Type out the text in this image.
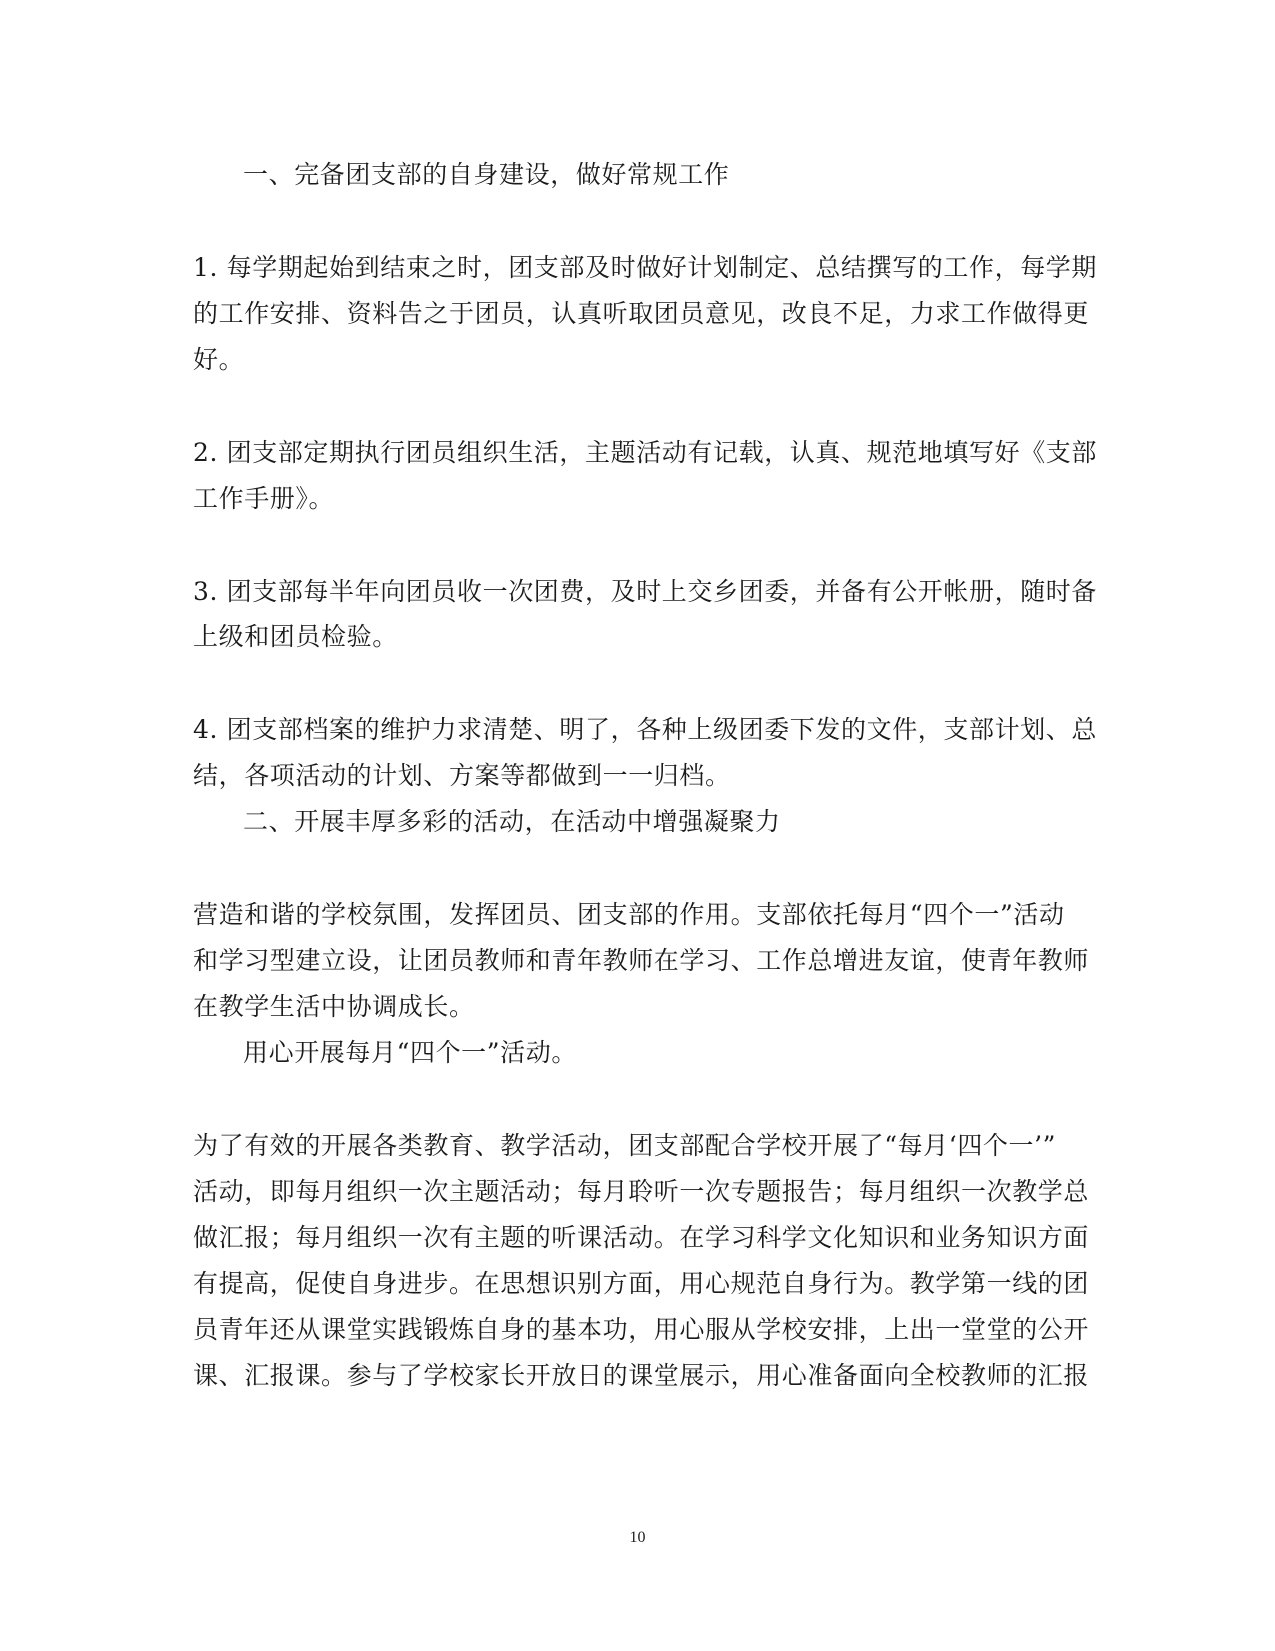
一、完备团支部的自身建设，做好常规工作
1. 每学期起始到结束之时，团支部及时做好计划制定、总结撰写的工作，每学期
的工作安排、资料告之于团员，认真听取团员意见，改良不足，力求工作做得更
好。
2. 团支部定期执行团员组织生活，主题活动有记载，认真、规范地填写好《支部
工作手册》。
3. 团支部每半年向团员收一次团费，及时上交乡团委，并备有公开帐册，随时备
上级和团员检验。
4. 团支部档案的维护力求清楚、明了，各种上级团委下发的文件，支部计划、总
结，各项活动的计划、方案等都做到一一归档。
二、开展丰厚多彩的活动，在活动中增强凝聚力
营造和谐的学校氛围，发挥团员、团支部的作用。支部依托每月“四个一”活动
和学习型建立设，让团员教师和青年教师在学习、工作总增进友谊，使青年教师
在教学生活中协调成长。
用心开展每月“四个一”活动。
为了有效的开展各类教育、教学活动，团支部配合学校开展了“每月‘四个一’”
活动，即每月组织一次主题活动；每月聆听一次专题报告；每月组织一次教学总
做汇报；每月组织一次有主题的听课活动。在学习科学文化知识和业务知识方面
有提高，促使自身进步。在思想识别方面，用心规范自身行为。教学第一线的团
员青年还从课堂实践锻炼自身的基本功，用心服从学校安排，上出一堂堂的公开
课、汇报课。参与了学校家长开放日的课堂展示，用心准备面向全校教师的汇报
10
